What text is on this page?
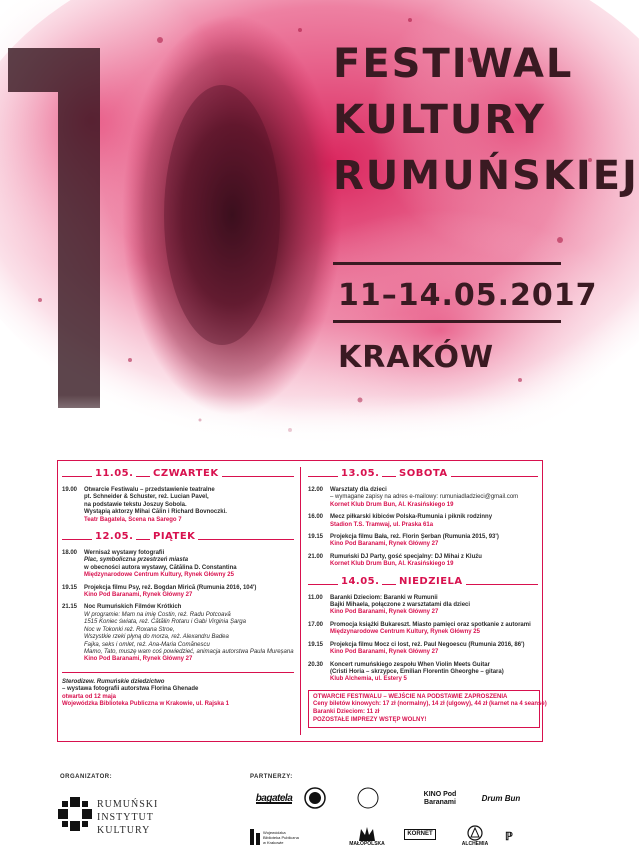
FESTIWAL
KULTURY
RUMUŃSKIEJ
11–14.05.2017
KRAKÓW
11.05.	CZWARTEK
19.00 Otwarcie Festiwalu – przedstawienie teatralne
pt. Schneider & Schuster, reż. Lucian Pavel,
na podstawie tekstu Joszuy Sobola.
Wystąpią aktorzy Mihai Călin i Richard Bovnoczki.
Teatr Bagatela, Scena na Sarego 7
12.05.	PIĄTEK
18.00 Wernisaż wystawy fotografii
Plac, symboliczna przestrzeń miasta
w obecności autora wystawy, Cătălina D. Constantina
Międzynarodowe Centrum Kultury, Rynek Główny 25
19.15 Projekcja filmu Psy, reż. Bogdan Mirică (Rumunia 2016, 104')
Kino Pod Baranami, Rynek Główny 27
21.15 Noc Rumuńskich Filmów Krótkich
W programie: Mam na imię Costin, reż. Radu Potcoavă
1515 Koniec świata, reż. Cătălin Rotaru i Gabi Virginia Șarga
Noc w Tokonki reż. Roxana Stroe,
Wszystkie rzeki płyną do morza, reż. Alexandru Badea
Fajka, seks i omlet, reż. Ana-Maria Comănescu
Mamo, Tato, muszę wam coś powiedzieć, animacja autorstwa Paula Mureșana
Kino Pod Baranami, Rynek Główny 27
Sterodizew. Rumuńskie dziedzictwo
– wystawa fotografii autorstwa Florina Ghenade
otwarta od 12 maja
Wojewódzka Biblioteka Publiczna w Krakowie, ul. Rajska 1
13.05.	SOBOTA
12.00 Warsztaty dla dzieci
– wymagane zapisy na adres e-mailowy: rumuniadladzieci@gmail.com
Kornet Klub Drum Bun, Al. Krasińskiego 19
16.00 Mecz piłkarski kibiców Polska-Rumunia i piknik rodzinny
Stadion T.S. Tramwaj, ul. Praska 61a
19.15 Projekcja filmu Bała, reż. Florin Șerban (Rumunia 2015, 93')
Kino Pod Baranami, Rynek Główny 27
21.00 Rumuński DJ Party, gość specjalny: DJ Mihai z Kluźu
Kornet Klub Drum Bun, Al. Krasińskiego 19
14.05.	NIEDZIELA
11.00 Baranki Dzieciom: Baranki w Rumunii
Bajki Mihaela, połączone z warsztatami dla dzieci
Kino Pod Baranami, Rynek Główny 27
17.00 Promocja książki Bukareszt. Miasto pamięci oraz spotkanie z autorami
Międzynarodowe Centrum Kultury, Rynek Główny 25
19.15 Projekcja filmu Mocz ci lost, reż. Paul Negoescu (Rumunia 2016, 86')
Kino Pod Baranami, Rynek Główny 27
20.30 Koncert rumuńskiego zespołu When Violin Meets Guitar
(Cristi Horia – skrzypce, Emilian Florentin Gheorghe – gitara)
Klub Alchemia, ul. Estery 5
OTWARCIE FESTIWALU – WEJŚCIE NA PODSTAWIE ZAPROSZENIA
Ceny biletów kinowych: 17 zł (normalny), 14 zł (ulgowy), 44 zł (karnet na 4 seanse)
Baranki Dzieciom: 11 zł
POZOSTAŁE IMPREZY WSTĘP WOLNY!
ORGANIZATOR:	PARTNERZY:
RUMUŃSKI
INSTYTUT
KULTURY
bagatela	KINO Pod Baranami	Drum Bun
Wojewódzka Biblioteka Publiczna w Krakowie	MAŁOPOLSKA
KORNET
ALCHEMIA
ℙ
